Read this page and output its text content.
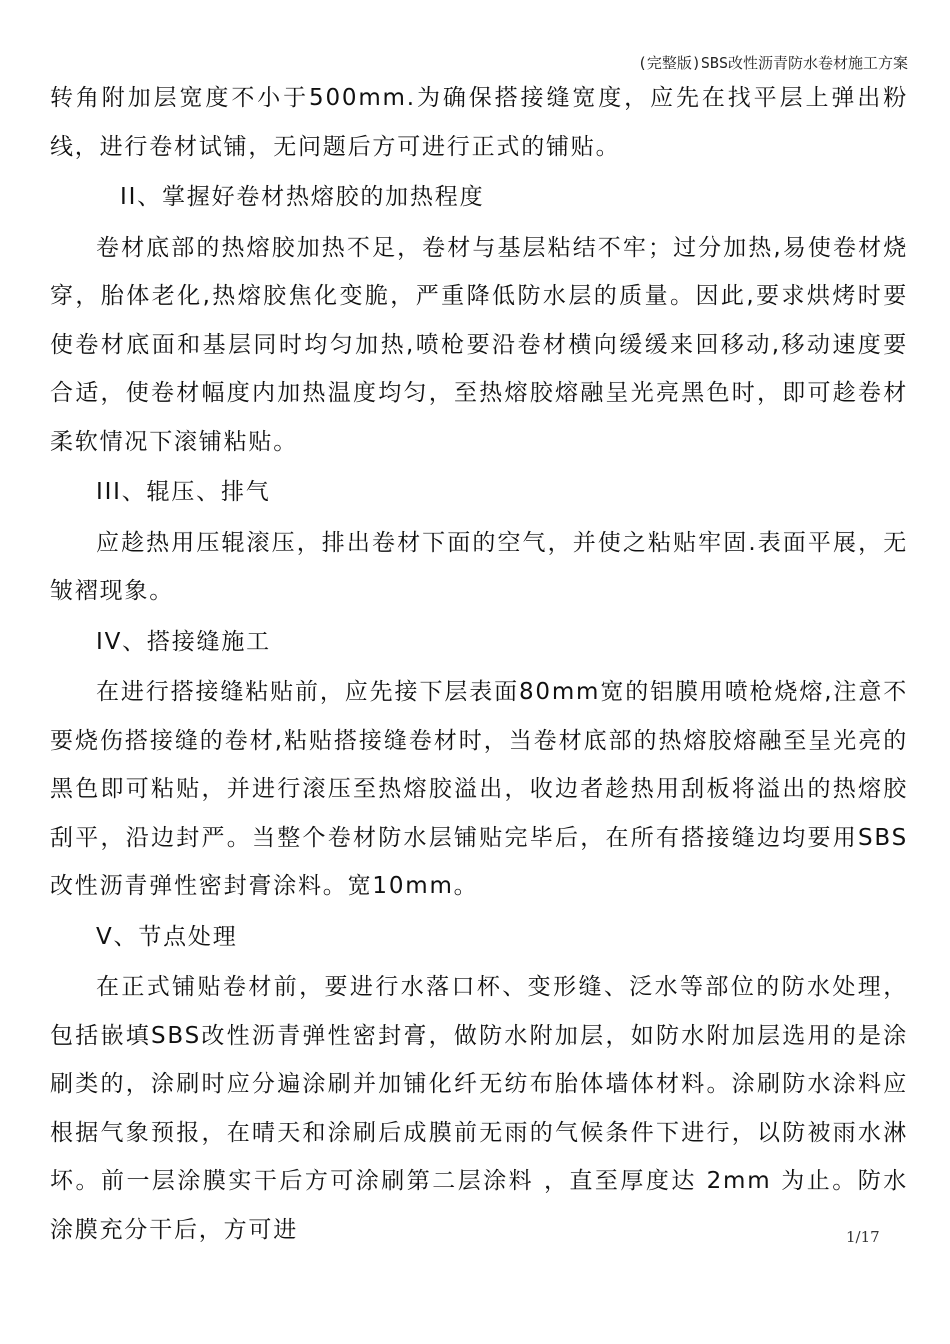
(完整版)SBS改性沥青防水卷材施工方案

转角附加层宽度不小于500mm.为确保搭接缝宽度，应先在找平层上弹出粉线，进行卷材试铺，无问题后方可进行正式的铺贴。

II、掌握好卷材热熔胶的加热程度

卷材底部的热熔胶加热不足，卷材与基层粘结不牢；过分加热,易使卷材烧穿，胎体老化,热熔胶焦化变脆，严重降低防水层的质量。因此,要求烘烤时要使卷材底面和基层同时均匀加热,喷枪要沿卷材横向缓缓来回移动,移动速度要合适，使卷材幅度内加热温度均匀，至热熔胶熔融呈光亮黑色时，即可趁卷材柔软情况下滚铺粘贴。

III、辊压、排气

应趁热用压辊滚压，排出卷材下面的空气，并使之粘贴牢固.表面平展，无皱褶现象。

IV、搭接缝施工

在进行搭接缝粘贴前，应先接下层表面80mm宽的铝膜用喷枪烧熔,注意不要烧伤搭接缝的卷材,粘贴搭接缝卷材时，当卷材底部的热熔胶熔融至呈光亮的黑色即可粘贴，并进行滚压至热熔胶溢出，收边者趁热用刮板将溢出的热熔胶刮平，沿边封严。当整个卷材防水层铺贴完毕后，在所有搭接缝边均要用SBS改性沥青弹性密封膏涂料。宽10mm。

V、节点处理

在正式铺贴卷材前，要进行水落口杯、变形缝、泛水等部位的防水处理，包括嵌填SBS改性沥青弹性密封膏，做防水附加层，如防水附加层选用的是涂刷类的，涂刷时应分遍涂刷并加铺化纤无纺布胎体墙体材料。涂刷防水涂料应根据气象预报，在晴天和涂刷后成膜前无雨的气候条件下进行，以防被雨水淋坏。前一层涂膜实干后方可涂刷第二层涂料 ，直至厚度达 2mm 为止。防水涂膜充分干后，方可进	1/17
